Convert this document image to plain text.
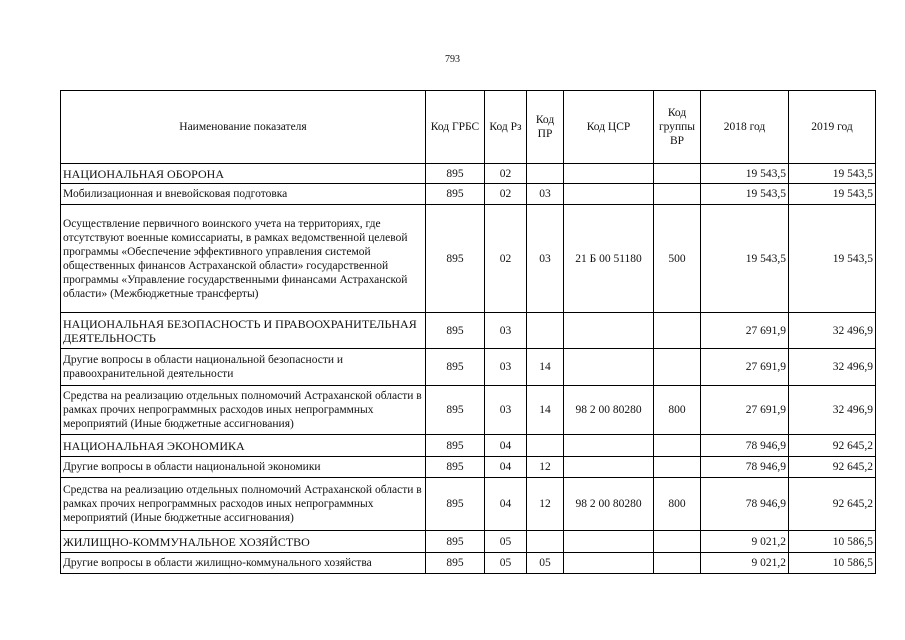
793
Наименование показателя	Код ГРБС	Код Рз	Код ПР	Код ЦСР	Код группы ВР	2018 год	2019 год
НАЦИОНАЛЬНАЯ ОБОРОНА	895	02				19 543,5	19 543,5
Мобилизационная и вневойсковая подготовка	895	02	03			19 543,5	19 543,5
Осуществление первичного воинского учета на территориях, где отсутствуют военные комиссариаты, в рамках ведомственной целевой программы «Обеспечение эффективного управления системой общественных финансов Астраханской области» государственной программы «Управление государственными финансами Астраханской области» (Межбюджетные трансферты)	895	02	03	21 Б 00 51180	500	19 543,5	19 543,5
НАЦИОНАЛЬНАЯ БЕЗОПАСНОСТЬ И ПРАВООХРАНИТЕЛЬНАЯ ДЕЯТЕЛЬНОСТЬ	895	03				27 691,9	32 496,9
Другие вопросы в области национальной безопасности и правоохранительной деятельности	895	03	14			27 691,9	32 496,9
Средства на реализацию отдельных полномочий Астраханской области в рамках прочих непрограммных расходов иных непрограммных мероприятий (Иные бюджетные ассигнования)	895	03	14	98 2 00 80280	800	27 691,9	32 496,9
НАЦИОНАЛЬНАЯ ЭКОНОМИКА	895	04				78 946,9	92 645,2
Другие вопросы в области национальной экономики	895	04	12			78 946,9	92 645,2
Средства на реализацию отдельных полномочий Астраханской области в рамках прочих непрограммных расходов иных непрограммных мероприятий (Иные бюджетные ассигнования)	895	04	12	98 2 00 80280	800	78 946,9	92 645,2
ЖИЛИЩНО-КОММУНАЛЬНОЕ ХОЗЯЙСТВО	895	05				9 021,2	10 586,5
Другие вопросы в области жилищно-коммунального хозяйства	895	05	05			9 021,2	10 586,5
